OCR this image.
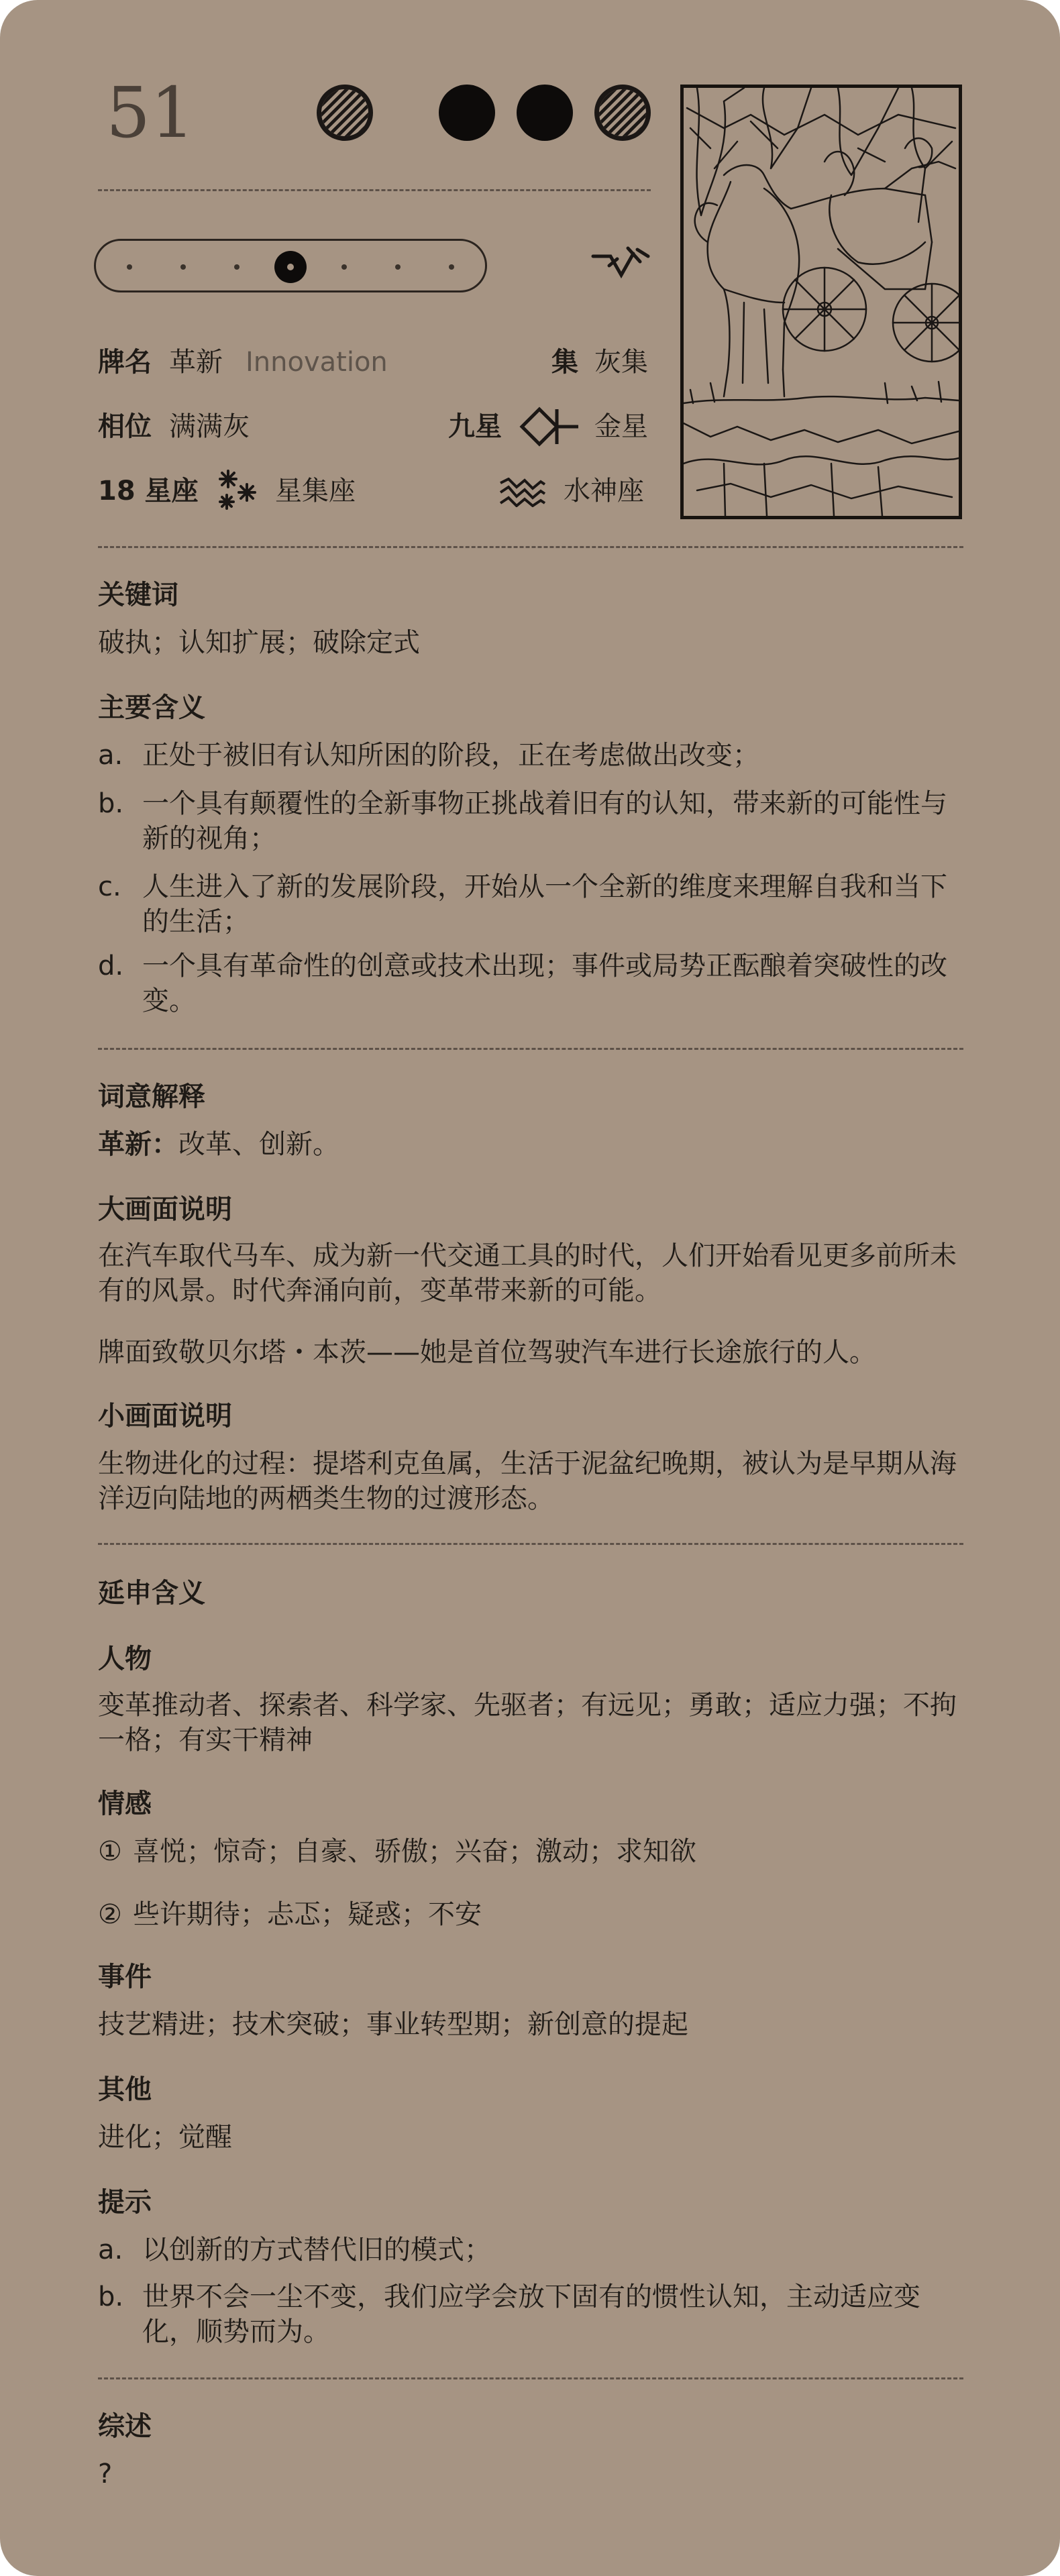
51
牌名 革新 Innovation	集 灰集
相位 满满灰	九星	金星
18 星座	星集座	水神座
关键词
破执；认知扩展；破除定式
主要含义
a. 正处于被旧有认知所困的阶段，正在考虑做出改变；
b. 一个具有颠覆性的全新事物正挑战着旧有的认知，带来新的可能性与新的视角；
c. 人生进入了新的发展阶段，开始从一个全新的维度来理解自我和当下的生活；
d. 一个具有革命性的创意或技术出现；事件或局势正酝酿着突破性的改变。
词意解释
革新：改革、创新。
大画面说明
在汽车取代马车、成为新一代交通工具的时代，人们开始看见更多前所未有的风景。时代奔涌向前，变革带来新的可能。
牌面致敬贝尔塔・本茨——她是首位驾驶汽车进行长途旅行的人。
小画面说明
生物进化的过程：提塔利克鱼属，生活于泥盆纪晚期，被认为是早期从海洋迈向陆地的两栖类生物的过渡形态。
延申含义
人物
变革推动者、探索者、科学家、先驱者；有远见；勇敢；适应力强；不拘一格；有实干精神
情感
① 喜悦；惊奇；自豪、骄傲；兴奋；激动；求知欲
② 些许期待；忐忑；疑惑；不安
事件
技艺精进；技术突破；事业转型期；新创意的提起
其他
进化；觉醒
提示
a. 以创新的方式替代旧的模式；
b. 世界不会一尘不变，我们应学会放下固有的惯性认知，主动适应变化，顺势而为。
综述
?
